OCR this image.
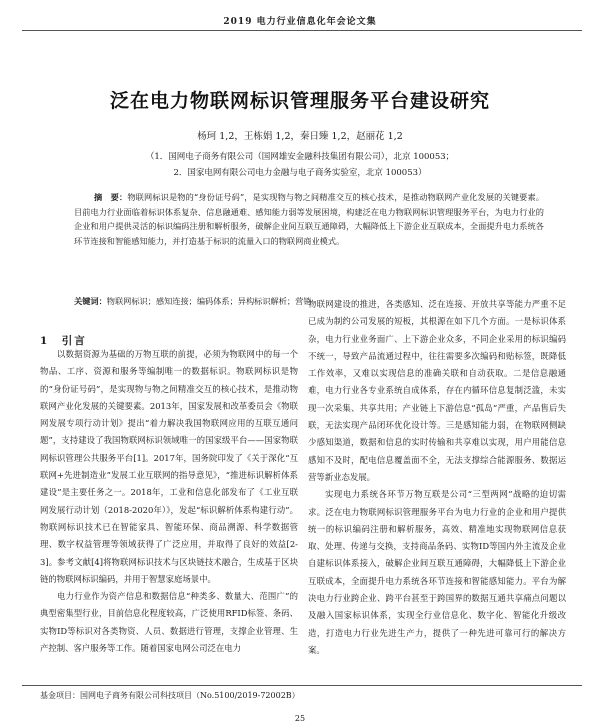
2019 电力行业信息化年会论文集
泛在电力物联网标识管理服务平台建设研究
杨珂 1,2，王栋娟 1,2，秦日臻 1,2，赵丽花 1,2
（1．国网电子商务有限公司（国网雄安金融科技集团有限公司），北京 100053；
2．国家电网有限公司电力金融与电子商务实验室，北京 100053）
摘　要：物联网标识是物的“身份证号码”，是实现物与物之间精准交互的核心技术，是推动物联网产业化发展的关键要素。目前电力行业面临着标识体系复杂、信息融通难、感知能力弱等发展困境，构建泛在电力物联网标识管理服务平台，为电力行业的企业和用户提供灵活的标识编码注册和解析服务，破解企业间互联互通障碍，大幅降低上下游企业互联成本，全面提升电力系统各环节连接和智能感知能力，并打造基于标识的流量入口的物联网商业模式。
关键词：物联网标识；感知连接；编码体系；异构标识解析；营销
1　引言

以数据资源为基础的万物互联的前提，必须为物联网中的每一个物品、工序、资源和服务等编制唯一的数据标识。物联网标识是物的“身份证号码”，是实现物与物之间精准交互的核心技术，是推动物联网产业化发展的关键要素。2013年，国家发展和改革委员会《物联网发展专项行动计划》提出“着力解决我国物联网应用的互联互通问题”，支持建设了我国物联网标识领域唯一的国家级平台——国家物联网标识管理公共服务平台[1]。2017年，国务院印发了《关于深化“互联网+先进制造业”发展工业互联网的指导意见》，“推进标识解析体系建设”是主要任务之一。2018年，工业和信息化部发布了《工业互联网发展行动计划（2018-2020年）》，发起“标识解析体系构建行动”。物联网标识技术已在智能家具、智能环保、商品溯源、科学数据管理、数字权益管理等领域获得了广泛应用，并取得了良好的效益[2-3]。参考文献[4]将物联网标识技术与区块链技术融合，生成基于区块链的物联网标识编码，并用于智慧家庭场景中。

电力行业作为资产信息和数据信息“种类多、数量大、范围广”的典型密集型行业，目前信息化程度较高，广泛使用RFID标签、条码、实物ID等标识对各类物资、人员、数据进行管理，支撑企业管理、生产控制、客户服务等工作。随着国家电网公司泛在电力

物联网建设的推进，各类感知、泛在连接、开放共享等能力严重不足已成为制约公司发展的短板，其根源在如下几个方面。一是标识体系杂，电力行业业务面广、上下游企业众多，不同企业采用的标识编码不统一，导致产品流通过程中，往往需要多次编码和贴标签，既降低工作效率，又难以实现信息的准确关联和自动获取。二是信息融通难，电力行业各专业系统自成体系，存在内循环信息复制泛滥，未实现一次采集、共享共用；产业链上下游信息“孤岛”严重，产品售后失联，无法实现产品闭环优化设计等。三是感知能力弱，在物联网侧缺少感知渠道，数据和信息的实时传输和共享难以实现，用户用能信息感知不及时，配电信息覆盖面不全，无法支撑综合能源服务、数据运营等新业态发展。

实现电力系统各环节万物互联是公司“三型两网”战略的迫切需求。泛在电力物联网标识管理服务平台为电力行业的企业和用户提供统一的标识编码注册和解析服务，高效、精准地实现物联网信息获取、处理、传递与交换，支持商品条码、实物ID等国内外主流及企业自建标识体系接入，破解企业间互联互通障碍，大幅降低上下游企业互联成本，全面提升电力系统各环节连接和智能感知能力。平台为解决电力行业跨企业、跨平台甚至于跨国界的数据互通共享痛点问题以及融入国家标识体系，实现全行业信息化、数字化、智能化升级改造，打造电力行业先进生产力，提供了一种先进可靠可行的解决方案。

基金项目：国网电子商务有限公司科技项目（No.5100/2019-72002B）
25
